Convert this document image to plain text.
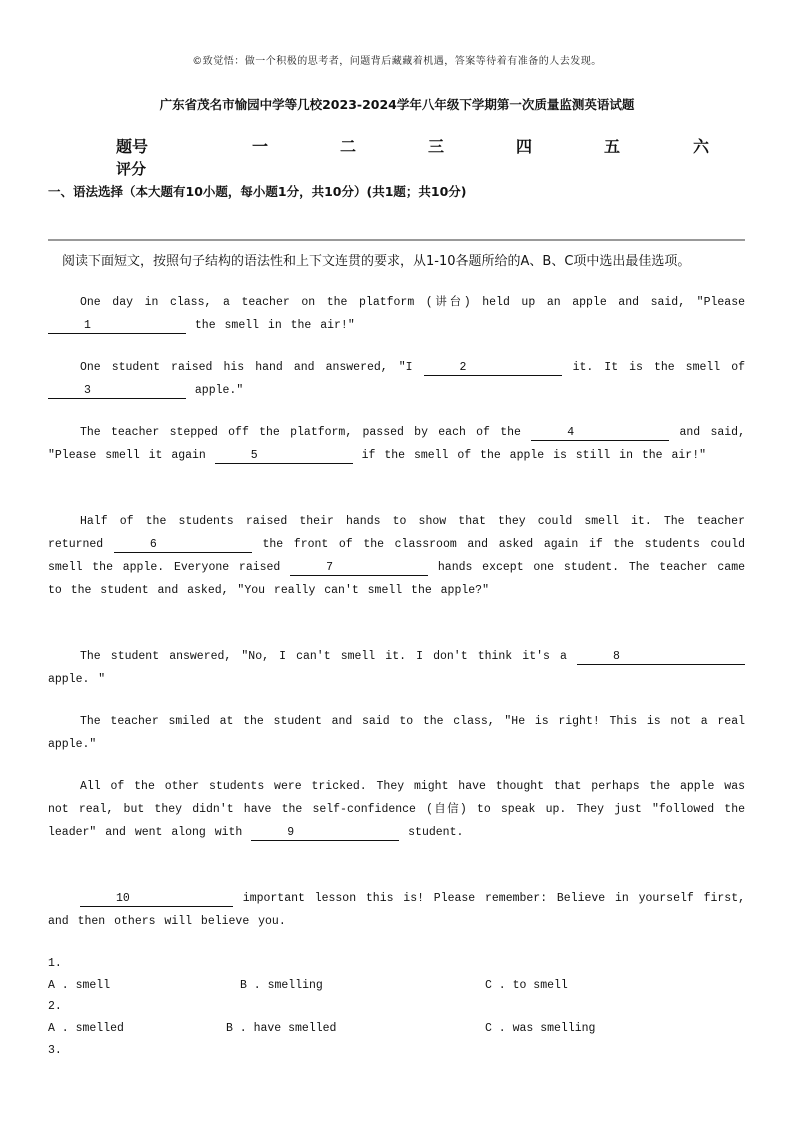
©致觉悟：做一个积极的思考者，问题背后藏藏着机遇，答案等待着有准备的人去发现。
广东省茂名市愉园中学等几校2023-2024学年八年级下学期第一次质量监测英语试题
题号	一	二	三	四	五	六
评分
一、语法选择（本大题有10小题，每小题1分，共10分）(共1题；共10分)
阅读下面短文，按照句子结构的语法性和上下文连贯的要求，从1-10各题所给的A、B、C项中选出最佳选项。
One day in class, a teacher on the platform (讲台) held up an apple and said, "Please 1	the smell in the air!"
One student raised his hand and answered, "I	2	it. It is the smell of 3	apple."
The teacher stepped off the platform, passed by each of the	4	and said, "Please smell it again	5	if the smell of the apple is still in the air!"
Half of the students raised their hands to show that they could smell it. The teacher returned	6	the front of the classroom and asked again if the students could smell the apple. Everyone raised	7	hands except one student. The teacher came to the student and asked, "You really can't smell the apple?"
The student answered, "No, I can't smell it. I don't think it's a	8 apple. "
The teacher smiled at the student and said to the class, "He is right! This is not a real apple."
All of the other students were tricked. They might have thought that perhaps the apple was not real, but they didn't have the self-confidence (自信) to speak up. They just "followed the leader" and went along with	9	student.
10	important lesson this is! Please remember: Believe in yourself first, and then others will believe you.
1.
A . smell	B . smelling	C . to smell
2.
A . smelled	B . have smelled	C . was smelling
3.
